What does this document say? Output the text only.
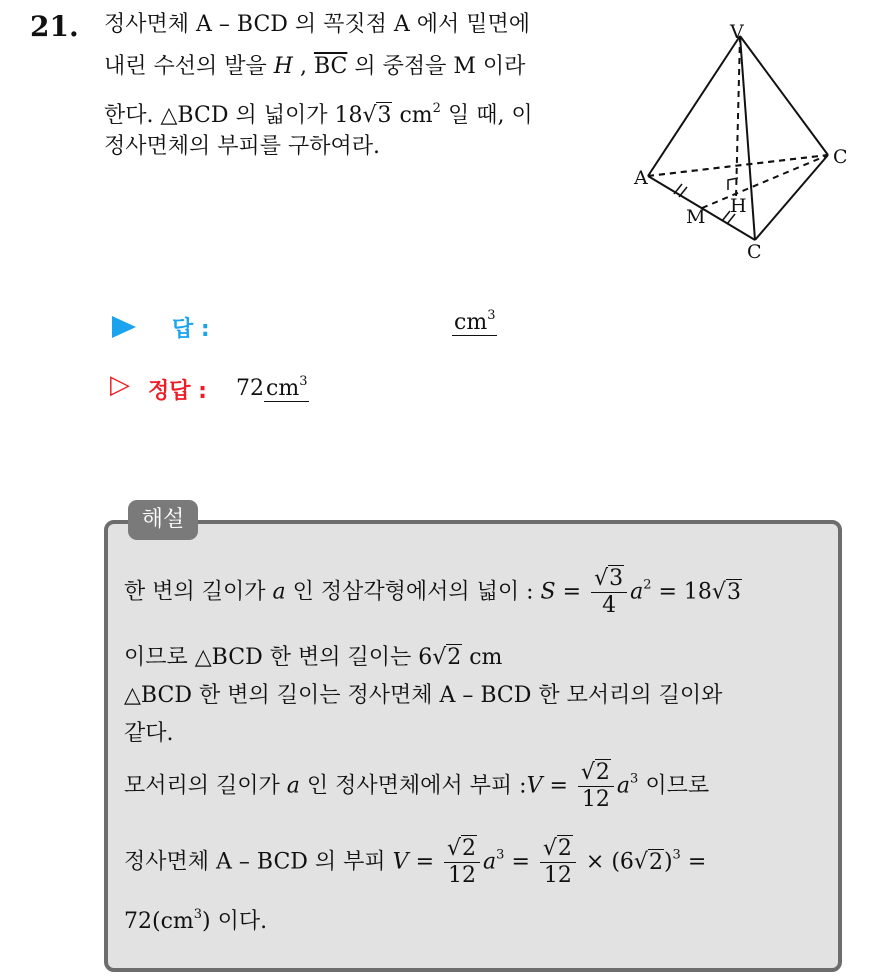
21. 정사면체 A – BCD 의 꼭짓점 A 에서 밑면에
내린 수선의 발을 H , $\overline{BC}$ 의 중점을 M 이라
한다. △BCD 의 넓이가 18√3 $cm^2$ 일 때, 이
정사면체의 부피를 구하여라.
V
A
C
C
M H
답 :	$cm^3$
▷ 정답 : $72cm^3$
해설
한 변의 길이가 a 인 정삼각형에서의 넓이 : $S = \frac{√3}{4} a^2 = 18√3$
이므로 △BCD 한 변의 길이는 6√2 cm
△BCD 한 변의 길이는 정사면체 A – BCD 한 모서리의 길이와
같다.
모서리의 길이가 a 인 정사면체에서 부피 :V = $\frac{√2}{12} a^3$ 이므로
정사면체 A – BCD 의 부피 $V = \frac{√2}{12} a^3 = \frac{√2}{12} \times (6√2)^3$ =
$72(cm^3)$ 이다.
